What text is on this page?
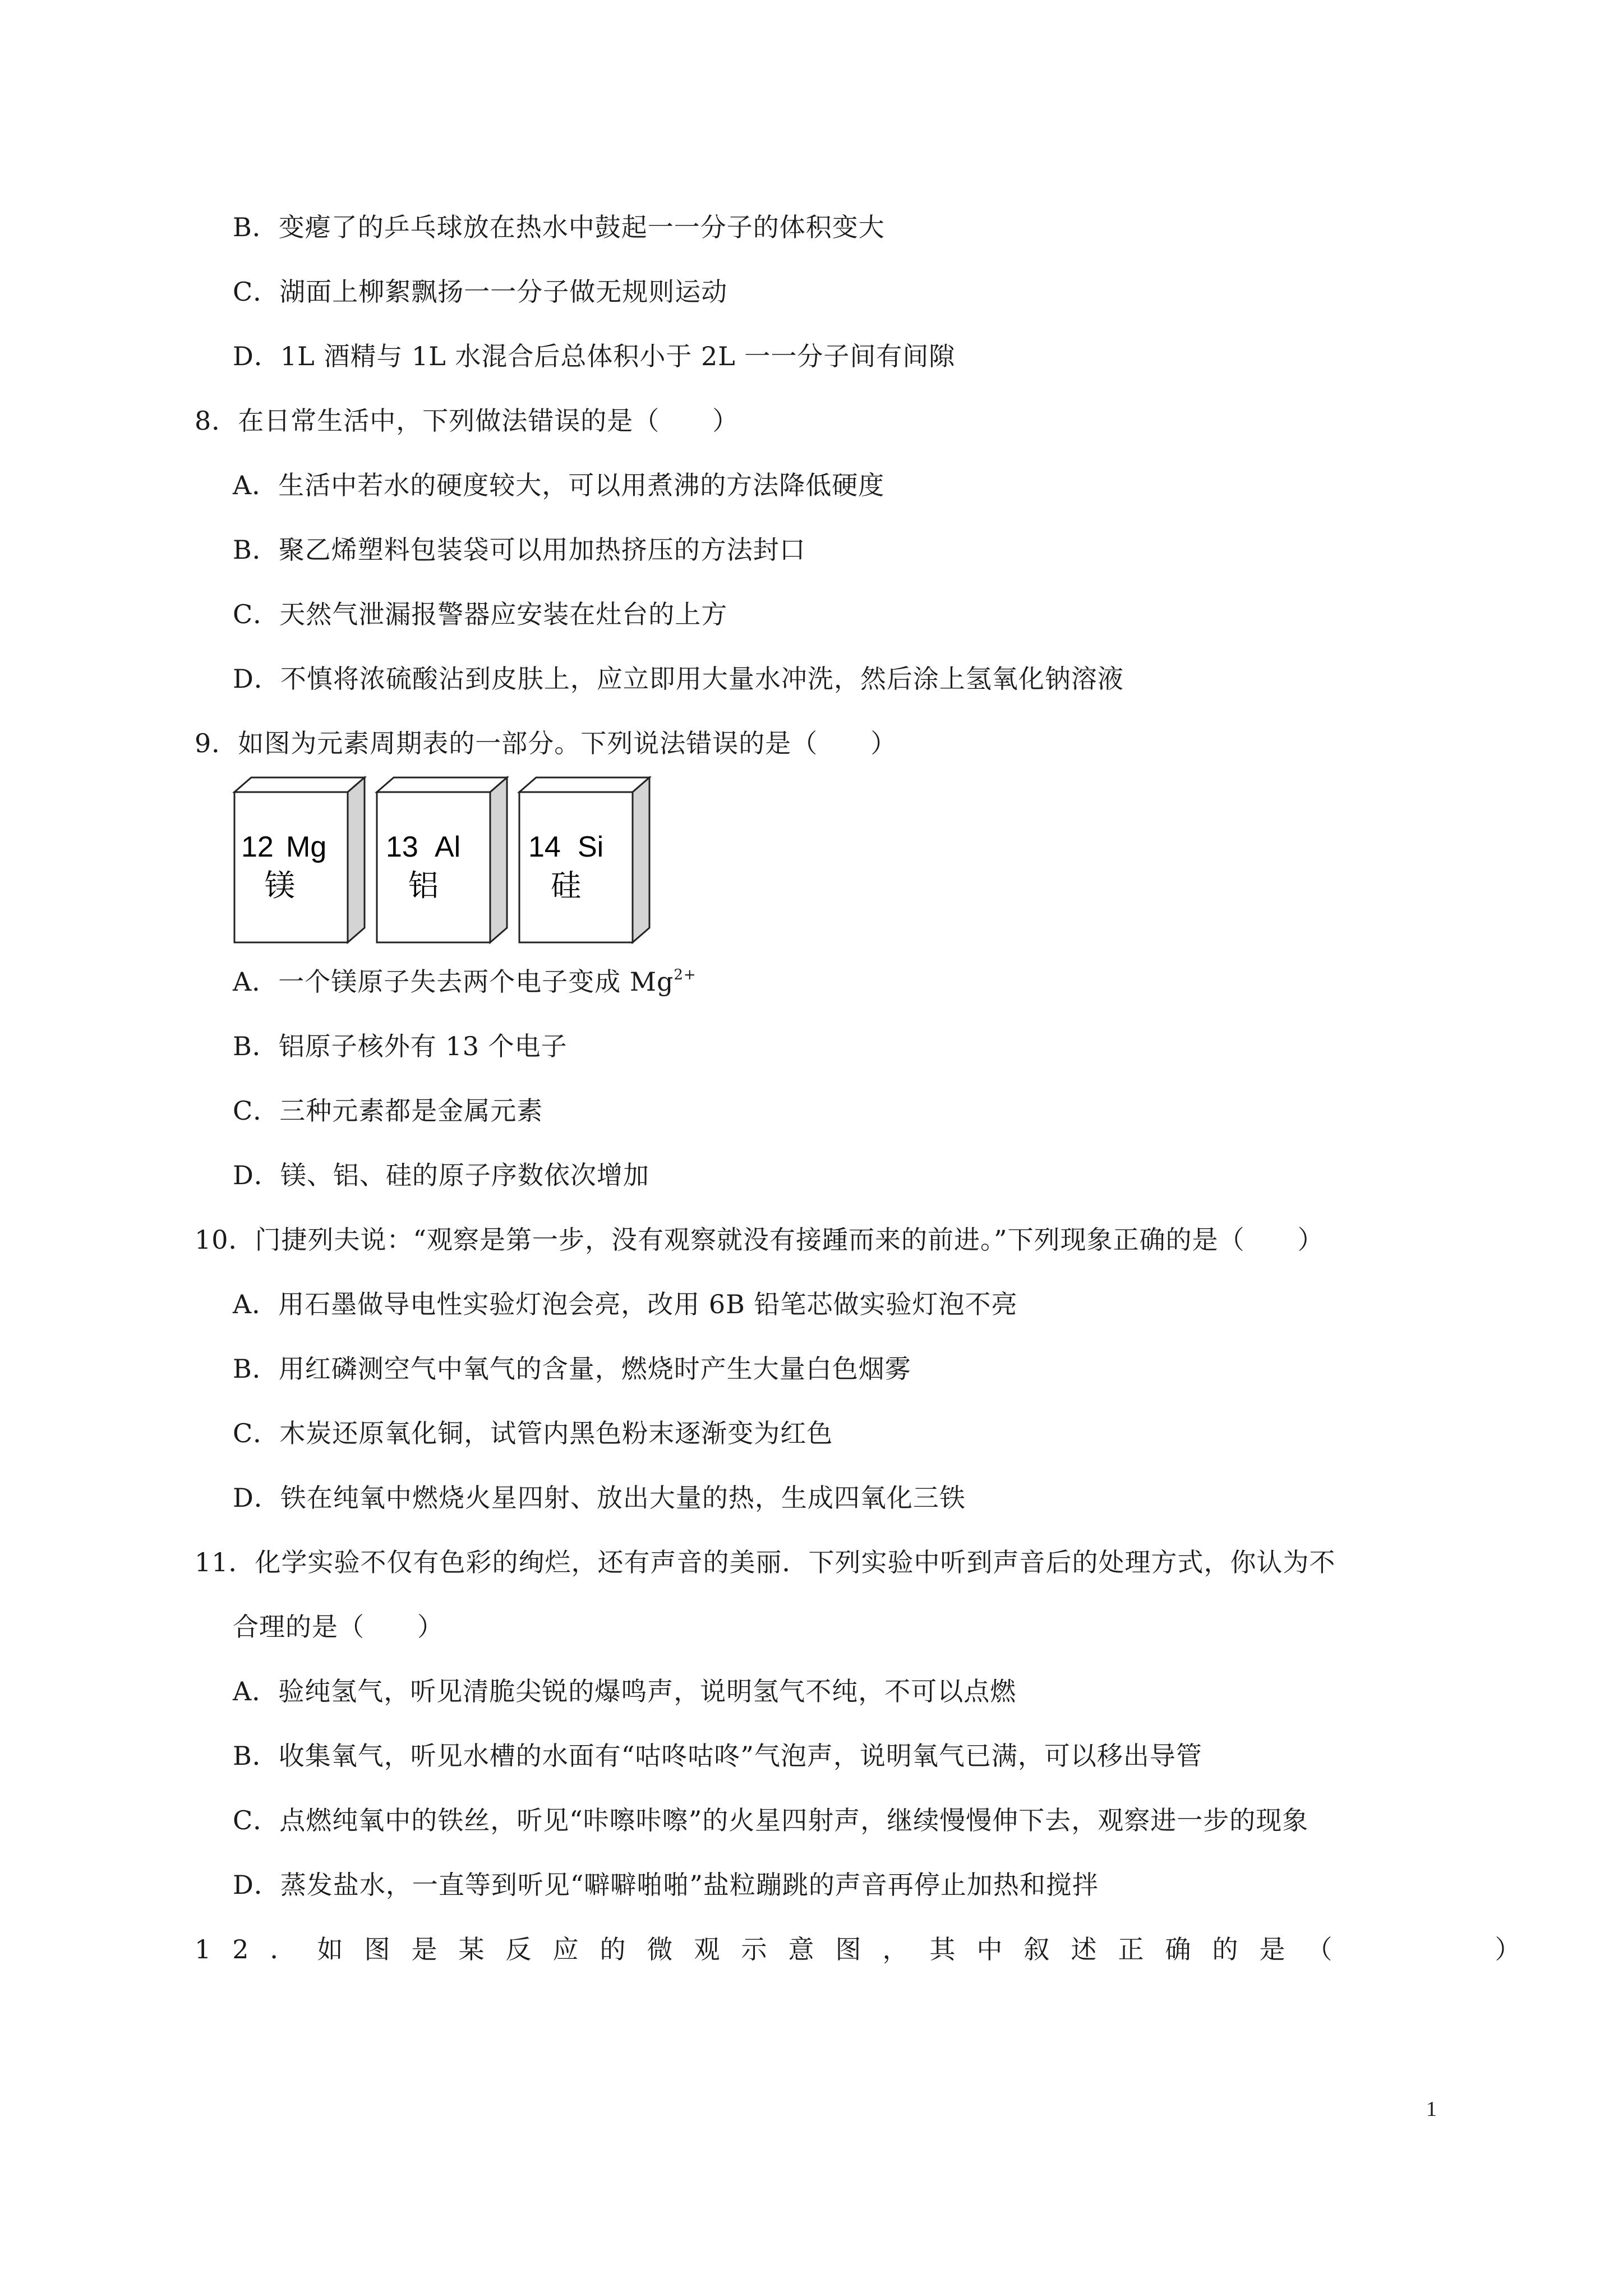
B．变瘪了的乒乓球放在热水中鼓起一一分子的体积变大
C．湖面上柳絮飘扬一一分子做无规则运动
D．1L 酒精与 1L 水混合后总体积小于 2L 一一分子间有间隙
8．在日常生活中，下列做法错误的是（　　）
A．生活中若水的硬度较大，可以用煮沸的方法降低硬度
B．聚乙烯塑料包装袋可以用加热挤压的方法封口
C．天然气泄漏报警器应安装在灶台的上方
D．不慎将浓硫酸沾到皮肤上，应立即用大量水冲洗，然后涂上氢氧化钠溶液
9．如图为元素周期表的一部分。下列说法错误的是（　　）
12 Mg
镁
13 Al
铝
14 Si
硅
A．一个镁原子失去两个电子变成 $Mg^{2+}$
B．铝原子核外有 13 个电子
C．三种元素都是金属元素
D．镁、铝、硅的原子序数依次增加
10．门捷列夫说：“观察是第一步，没有观察就没有接踵而来的前进。”下列现象正确的是（　　）
A．用石墨做导电性实验灯泡会亮，改用 6B 铅笔芯做实验灯泡不亮
B．用红磷测空气中氧气的含量，燃烧时产生大量白色烟雾
C．木炭还原氧化铜，试管内黑色粉末逐渐变为红色
D．铁在纯氧中燃烧火星四射、放出大量的热，生成四氧化三铁
11．化学实验不仅有色彩的绚烂，还有声音的美丽．下列实验中听到声音后的处理方式，你认为不
合理的是（　　）
A．验纯氢气，听见清脆尖锐的爆鸣声，说明氢气不纯，不可以点燃
B．收集氧气，听见水槽的水面有“咕咚咕咚”气泡声，说明氧气已满，可以移出导管
C．点燃纯氧中的铁丝，听见“咔嚓咔嚓”的火星四射声，继续慢慢伸下去，观察进一步的现象
D．蒸发盐水，一直等到听见“噼噼啪啪”盐粒蹦跳的声音再停止加热和搅拌
12．如图是某反应的微观示意图，其中叙述正确的是（　　　）
1
